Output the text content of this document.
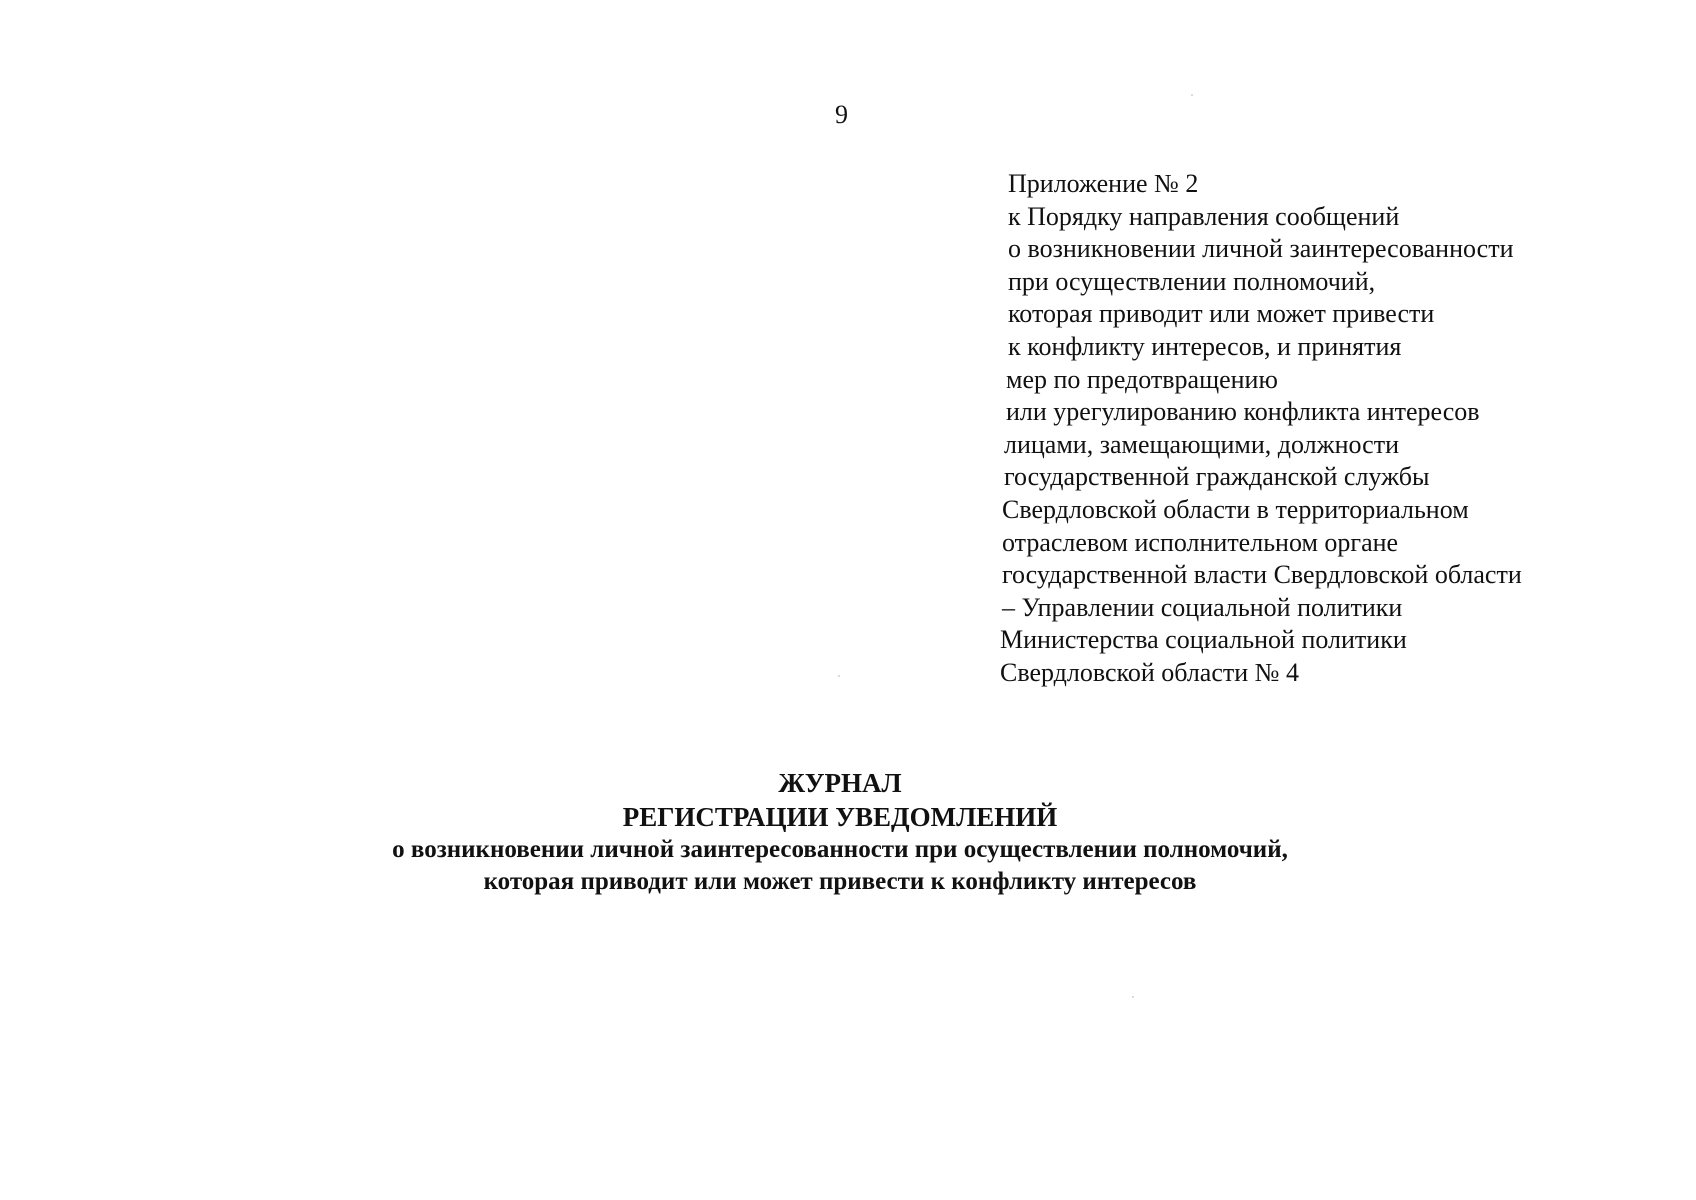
9
Приложение № 2
к Порядку направления сообщений
о возникновении личной заинтересованности
при осуществлении полномочий,
которая приводит или может привести
к конфликту интересов, и принятия
мер по предотвращению
или урегулированию конфликта интересов
лицами, замещающими, должности
государственной гражданской службы
Свердловской области в территориальном
отраслевом исполнительном органе
государственной власти Свердловской области
– Управлении социальной политики
Министерства социальной политики
Свердловской области № 4
ЖУРНАЛ
РЕГИСТРАЦИИ УВЕДОМЛЕНИЙ
о возникновении личной заинтересованности при осуществлении полномочий,
которая приводит или может привести к конфликту интересов
